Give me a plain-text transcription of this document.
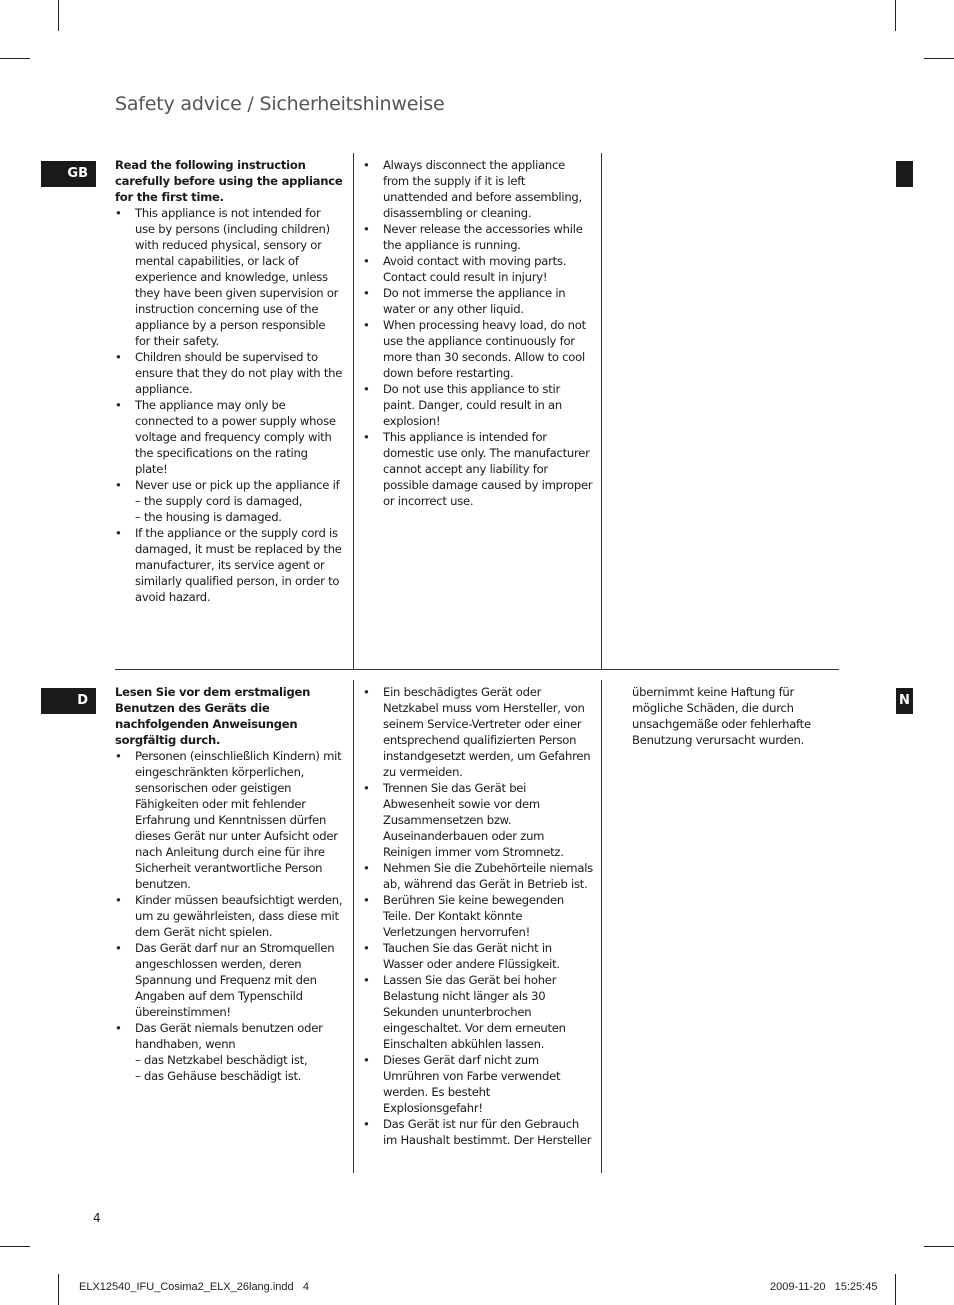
Safety advice / Sicherheitshinweise
GB

Read the following instruction carefully before using the appliance for the first time.

•	This appliance is not intended for use by persons (including children) with reduced physical, sensory or mental capabilities, or lack of experience and knowledge, unless they have been given supervision or instruction concerning use of the appliance by a person responsible for their safety.
•	Children should be supervised to ensure that they do not play with the appliance.
•	The appliance may only be connected to a power supply whose voltage and frequency comply with the specifications on the rating plate!
•	Never use or pick up the appliance if
– the supply cord is damaged,
– the housing is damaged.
•	If the appliance or the supply cord is damaged, it must be replaced by the manufacturer, its service agent or similarly qualified person, in order to avoid hazard.
•	Always disconnect the appliance from the supply if it is left unattended and before assembling, disassembling or cleaning.
•	Never release the accessories while the appliance is running.
•	Avoid contact with moving parts. Contact could result in injury!
•	Do not immerse the appliance in water or any other liquid.
•	When processing heavy load, do not use the appliance continuously for more than 30 seconds. Allow to cool down before restarting.
•	Do not use this appliance to stir paint. Danger, could result in an explosion!
•	This appliance is intended for domestic use only. The manufacturer cannot accept any liability for possible damage caused by improper or incorrect use.
D	N

Lesen Sie vor dem erstmaligen Benutzen des Geräts die nachfolgenden Anweisungen sorgfältig durch.

•	Personen (einschließlich Kindern) mit eingeschränkten körperlichen, sensorischen oder geistigen Fähigkeiten oder mit fehlender Erfahrung und Kenntnissen dürfen dieses Gerät nur unter Aufsicht oder nach Anleitung durch eine für ihre Sicherheit verantwortliche Person benutzen.
•	Kinder müssen beaufsichtigt werden, um zu gewährleisten, dass diese mit dem Gerät nicht spielen.
•	Das Gerät darf nur an Stromquellen angeschlossen werden, deren Spannung und Frequenz mit den Angaben auf dem Typenschild übereinstimmen!
•	Das Gerät niemals benutzen oder handhaben, wenn
– das Netzkabel beschädigt ist,
– das Gehäuse beschädigt ist.
•	Ein beschädigtes Gerät oder Netzkabel muss vom Hersteller, von seinem Service-Vertreter oder einer entsprechend qualifizierten Person instandgesetzt werden, um Gefahren zu vermeiden.
•	Trennen Sie das Gerät bei Abwesenheit sowie vor dem Zusammensetzen bzw. Auseinanderbauen oder zum Reinigen immer vom Stromnetz.
•	Nehmen Sie die Zubehörteile niemals ab, während das Gerät in Betrieb ist.
•	Berühren Sie keine bewegenden Teile. Der Kontakt könnte Verletzungen hervorrufen!
•	Tauchen Sie das Gerät nicht in Wasser oder andere Flüssigkeit.
•	Lassen Sie das Gerät bei hoher Belastung nicht länger als 30 Sekunden ununterbrochen eingeschaltet. Vor dem erneuten Einschalten abkühlen lassen.
•	Dieses Gerät darf nicht zum Umrühren von Farbe verwendet werden. Es besteht Explosionsgefahr!
•	Das Gerät ist nur für den Gebrauch im Haushalt bestimmt. Der Hersteller

übernimmt keine Haftung für mögliche Schäden, die durch unsachgemäße oder fehlerhafte Benutzung verursacht wurden.

4
ELX12540_IFU_Cosima2_ELX_26lang.indd   4	2009-11-20   15:25:45
